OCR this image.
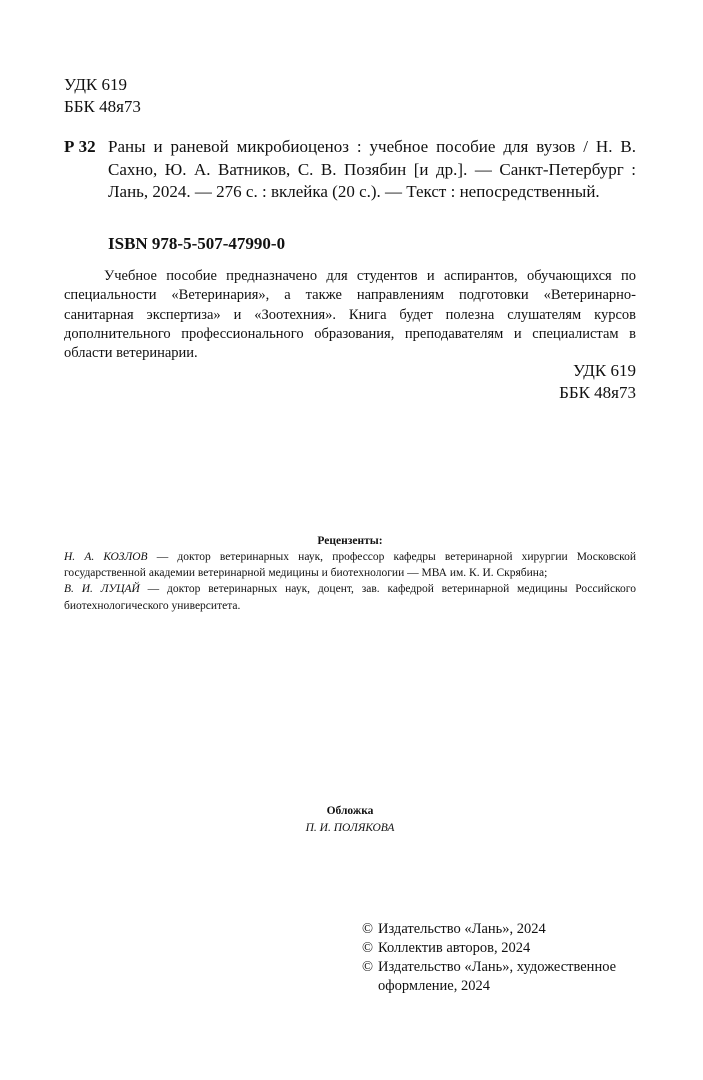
УДК 619
ББК 48я73
Р 32 Раны и раневой микробиоценоз : учебное пособие для вузов / Н. В. Сахно, Ю. А. Ватников, С. В. Позябин [и др.]. — Санкт-Петербург : Лань, 2024. — 276 с. : вклейка (20 с.). — Текст : непосредственный.
ISBN 978-5-507-47990-0
Учебное пособие предназначено для студентов и аспирантов, обучающихся по специальности «Ветеринария», а также направлениям подготовки «Ветеринарно-санитарная экспертиза» и «Зоотехния». Книга будет полезна слушателям курсов дополнительного профессионального образования, преподавателям и специалистам в области ветеринарии.
УДК 619
ББК 48я73
Рецензенты:
Н. А. КОЗЛОВ — доктор ветеринарных наук, профессор кафедры ветеринарной хирургии Московской государственной академии ветеринарной медицины и биотехнологии — МВА им. К. И. Скрябина;
В. И. ЛУЦАЙ — доктор ветеринарных наук, доцент, зав. кафедрой ветеринарной медицины Российского биотехнологического университета.
Обложка
П. И. ПОЛЯКОВА
© Издательство «Лань», 2024
© Коллектив авторов, 2024
© Издательство «Лань», художественное оформление, 2024
